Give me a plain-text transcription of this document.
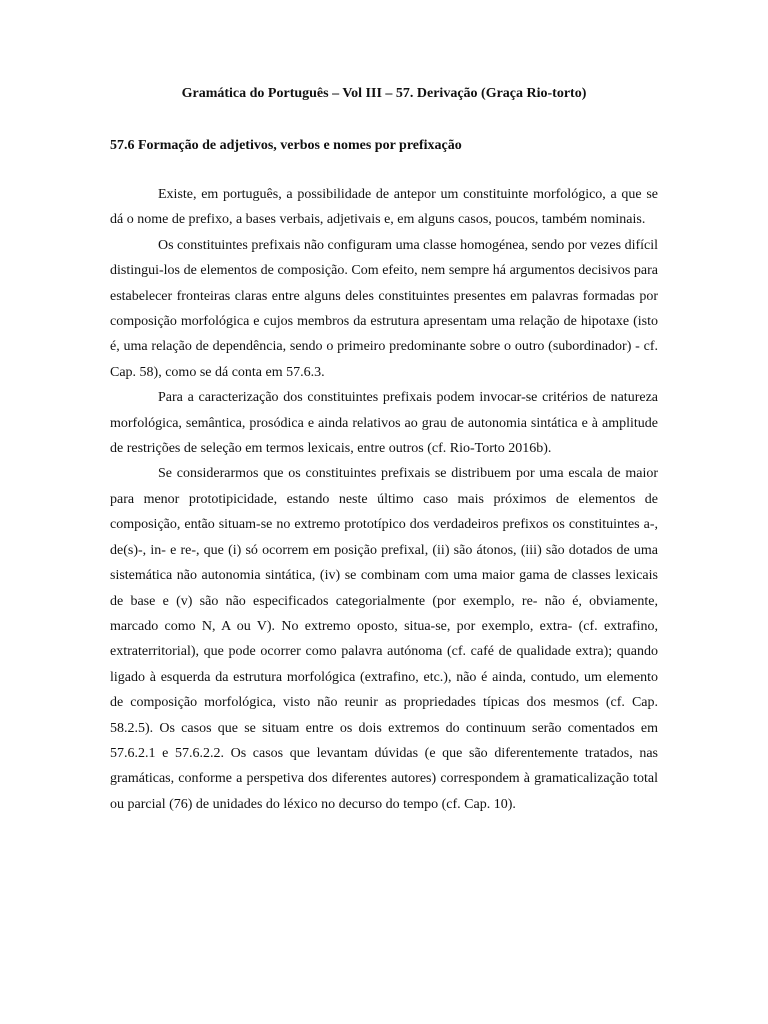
Gramática do Português – Vol III – 57. Derivação (Graça Rio-torto)
57.6 Formação de adjetivos, verbos e nomes por prefixação

Existe, em português, a possibilidade de antepor um constituinte morfológico, a que se dá o nome de prefixo, a bases verbais, adjetivais e, em alguns casos, poucos, também nominais.

Os constituintes prefixais não configuram uma classe homogénea, sendo por vezes difícil distingui-los de elementos de composição. Com efeito, nem sempre há argumentos decisivos para estabelecer fronteiras claras entre alguns deles constituintes presentes em palavras formadas por composição morfológica e cujos membros da estrutura apresentam uma relação de hipotaxe (isto é, uma relação de dependência, sendo o primeiro predominante sobre o outro (subordinador) - cf. Cap. 58), como se dá conta em 57.6.3.

Para a caracterização dos constituintes prefixais podem invocar-se critérios de natureza morfológica, semântica, prosódica e ainda relativos ao grau de autonomia sintática e à amplitude de restrições de seleção em termos lexicais, entre outros (cf. Rio-Torto 2016b).

Se considerarmos que os constituintes prefixais se distribuem por uma escala de maior para menor prototipicidade, estando neste último caso mais próximos de elementos de composição, então situam-se no extremo prototípico dos verdadeiros prefixos os constituintes a-, de(s)-, in- e re-, que (i) só ocorrem em posição prefixal, (ii) são átonos, (iii) são dotados de uma sistemática não autonomia sintática, (iv) se combinam com uma maior gama de classes lexicais de base e (v) são não especificados categorialmente (por exemplo, re- não é, obviamente, marcado como N, A ou V). No extremo oposto, situa-se, por exemplo, extra- (cf. extrafino, extraterritorial), que pode ocorrer como palavra autónoma (cf. café de qualidade extra); quando ligado à esquerda da estrutura morfológica (extrafino, etc.), não é ainda, contudo, um elemento de composição morfológica, visto não reunir as propriedades típicas dos mesmos (cf. Cap. 58.2.5). Os casos que se situam entre os dois extremos do continuum serão comentados em 57.6.2.1 e 57.6.2.2. Os casos que levantam dúvidas (e que são diferentemente tratados, nas gramáticas, conforme a perspetiva dos diferentes autores) correspondem à gramaticalização total ou parcial (76) de unidades do léxico no decurso do tempo (cf. Cap. 10).
